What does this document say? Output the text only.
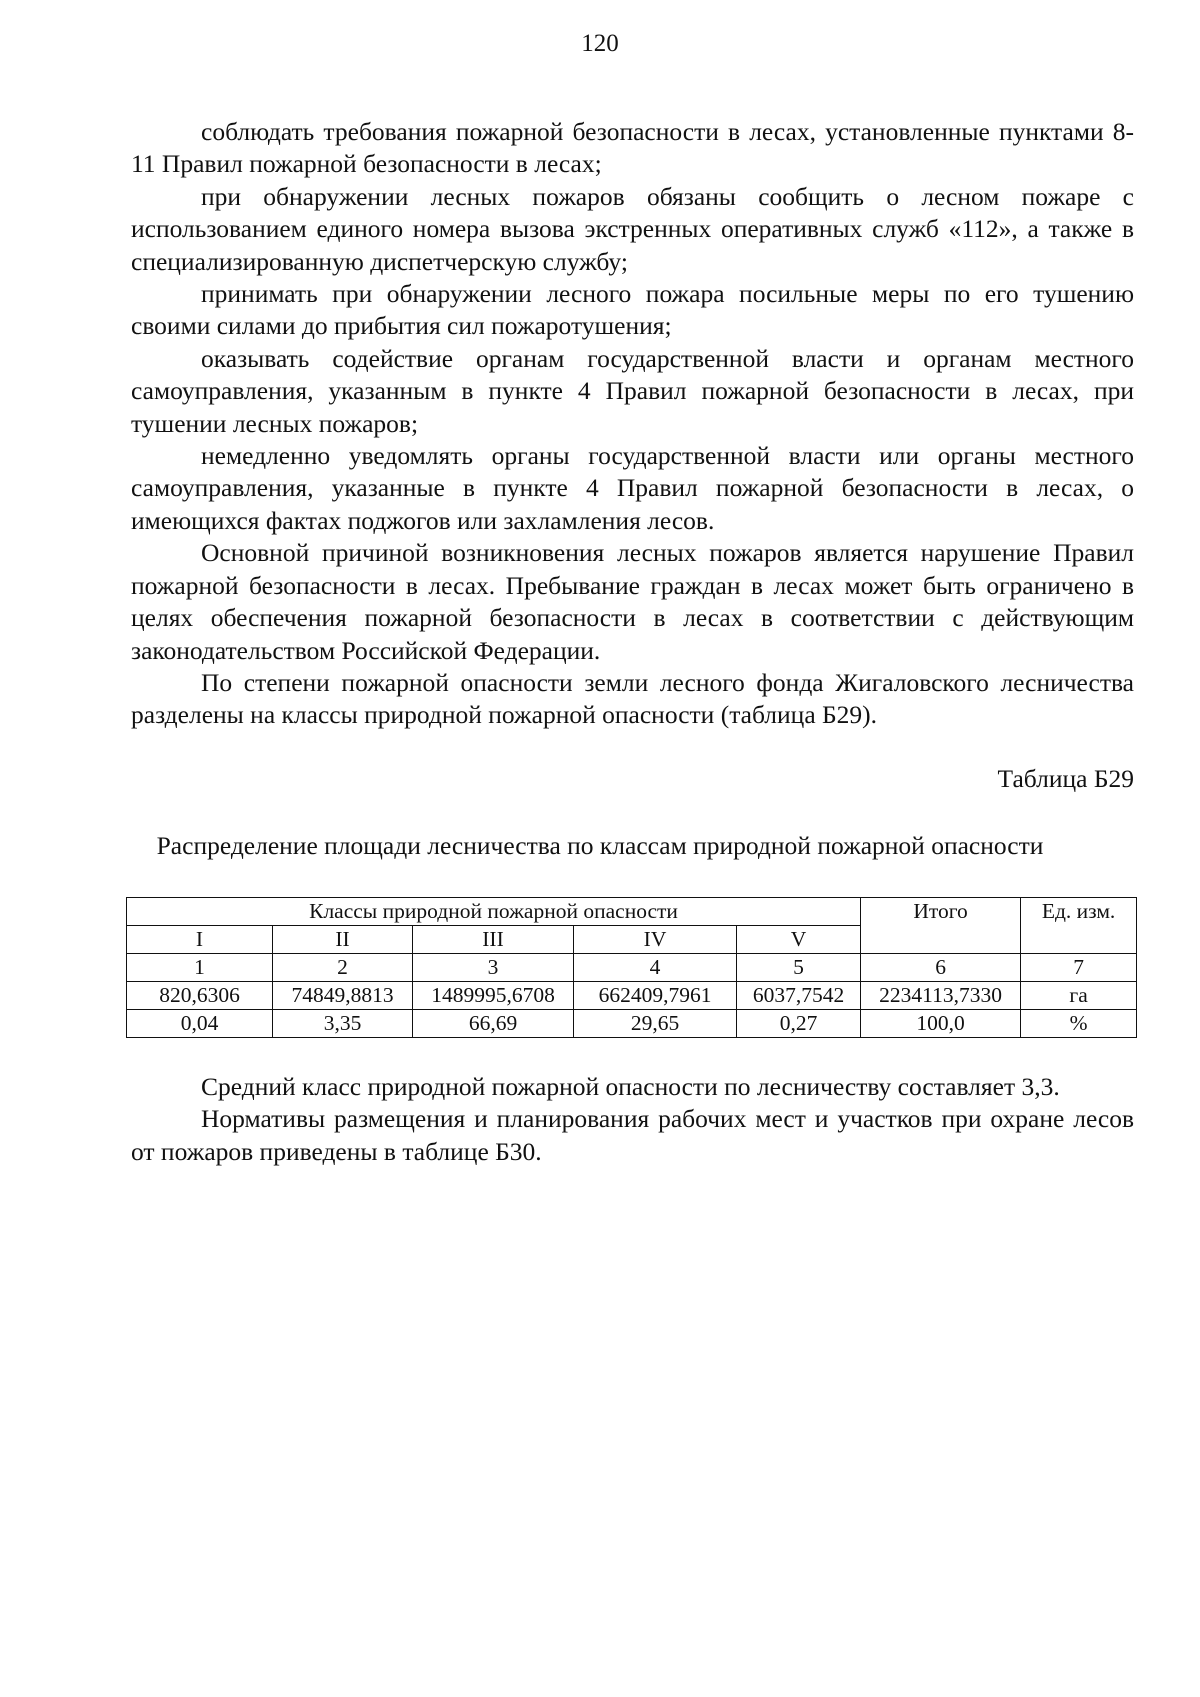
120

соблюдать требования пожарной безопасности в лесах, установленные пунктами 8-11 Правил пожарной безопасности в лесах;

при обнаружении лесных пожаров обязаны сообщить о лесном пожаре с использованием единого номера вызова экстренных оперативных служб «112», а также в специализированную диспетчерскую службу;

принимать при обнаружении лесного пожара посильные меры по его тушению своими силами до прибытия сил пожаротушения;

оказывать содействие органам государственной власти и органам местного самоуправления, указанным в пункте 4 Правил пожарной безопасности в лесах, при тушении лесных пожаров;

немедленно уведомлять органы государственной власти или органы местного самоуправления, указанные в пункте 4 Правил пожарной безопасности в лесах, о имеющихся фактах поджогов или захламления лесов.

Основной причиной возникновения лесных пожаров является нарушение Правил пожарной безопасности в лесах. Пребывание граждан в лесах может быть ограничено в целях обеспечения пожарной безопасности в лесах в соответствии с действующим законодательством Российской Федерации.

По степени пожарной опасности земли лесного фонда Жигаловского лесничества разделены на классы природной пожарной опасности (таблица Б29).

Таблица Б29
Распределение площади лесничества по классам природной пожарной опасности
Классы природной пожарной опасности					Итого	Ед. изм.
I	II	III	IV	V		
1	2	3	4	5	6	7
820,6306	74849,8813	1489995,6708	662409,7961	6037,7542	2234113,7330	га
0,04	3,35	66,69	29,65	0,27	100,0	%

Средний класс природной пожарной опасности по лесничеству составляет 3,3.

Нормативы размещения и планирования рабочих мест и участков при охране лесов от пожаров приведены в таблице Б30.
